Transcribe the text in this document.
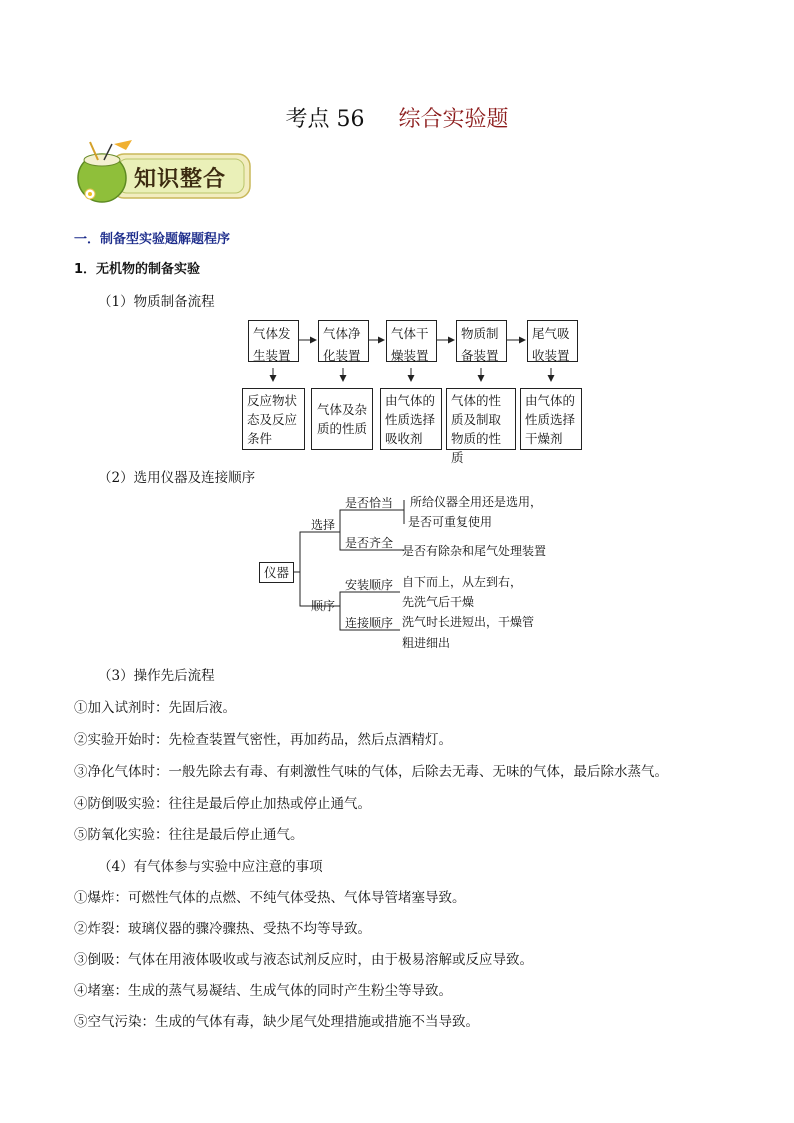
考点 56 综合实验题
知识整合
一．制备型实验题解题程序
1．无机物的制备实验
（1）物质制备流程
气体发生装置
气体净化装置
气体干燥装置
物质制备装置
尾气吸收装置
反应物状态及反应条件
气体及杂质的性质
由气体的性质选择吸收剂
气体的性质及制取物质的性质
由气体的性质选择干燥剂
（2）选用仪器及连接顺序
仪器
选择
是否恰当 所给仪器全用还是选用，
是否可重复使用
是否齐全
是否有除杂和尾气处理装置
顺序
安装顺序 自下而上，从左到右，
先洗气后干燥
连接顺序 洗气时长进短出，干燥管
粗进细出
（3）操作先后流程
①加入试剂时：先固后液。
②实验开始时：先检查装置气密性，再加药品，然后点酒精灯。
③净化气体时：一般先除去有毒、有刺激性气味的气体，后除去无毒、无味的气体，最后除水蒸气。
④防倒吸实验：往往是最后停止加热或停止通气。
⑤防氧化实验：往往是最后停止通气。
（4）有气体参与实验中应注意的事项
①爆炸：可燃性气体的点燃、不纯气体受热、气体导管堵塞导致。
②炸裂：玻璃仪器的骤冷骤热、受热不均等导致。
③倒吸：气体在用液体吸收或与液态试剂反应时，由于极易溶解或反应导致。
④堵塞：生成的蒸气易凝结、生成气体的同时产生粉尘等导致。
⑤空气污染：生成的气体有毒，缺少尾气处理措施或措施不当导致。
